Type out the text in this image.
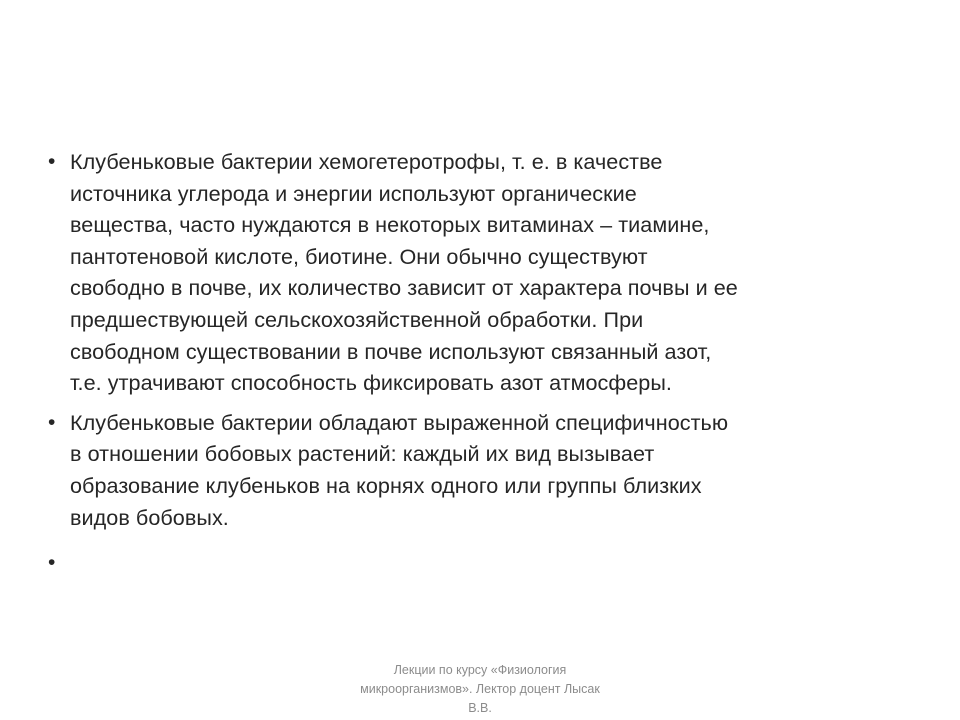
• Клубеньковые бактерии хемогетеротрофы, т. е. в качестве
источника углерода и энергии используют органические
вещества, часто нуждаются в некоторых витаминах – тиамине,
пантотеновой кислоте, биотине. Они обычно существуют
свободно в почве, их количество зависит от характера почвы и ее
предшествующей сельскохозяйственной обработки. При
свободном существовании в почве используют связанный азот,
т.е. утрачивают способность фиксировать азот атмосферы.
• Клубеньковые бактерии обладают выраженной специфичностью
в отношении бобовых растений: каждый их вид вызывает
образование клубеньков на корнях одного или группы близких
видов бобовых.
•
Лекции по курсу «Физиология
микроорганизмов». Лектор доцент Лысак
В.В.
